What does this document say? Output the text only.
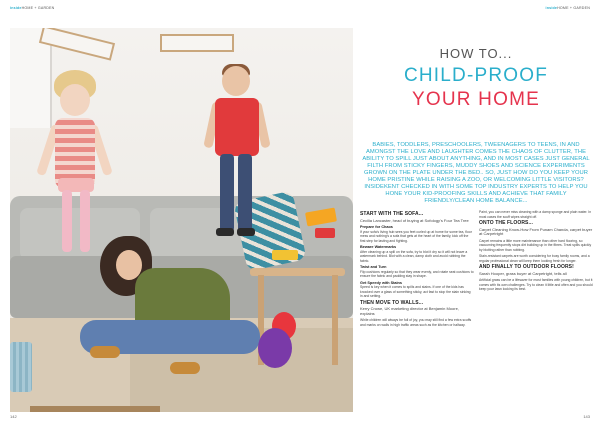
insideHOME + GARDEN	insideHOME + GARDEN
HOW TO...
CHILD-PROOF
YOUR HOME
BABIES, TODDLERS, PRESCHOOLERS, TWEENAGERS TO TEENS, IN AND AMONGST THE LOVE AND LAUGHTER COMES THE CHAOS OF CLUTTER, THE ABILITY TO SPILL JUST ABOUT ANYTHING, AND IN MOST CASES JUST GENERAL FILTH FROM STICKY FINGERS, MUDDY SHOES AND SCIENCE EXPERIMENTS GROWN ON THE PLATE UNDER THE BED.. SO, JUST HOW DO YOU KEEP YOUR HOME PRISTINE WHILE RAISING A ZOO, OR WELCOMING LITTLE VISITORS? INSIDEKENT CHECKED IN WITH SOME TOP INDUSTRY EXPERTS TO HELP YOU HONE YOUR KID-PROOFING SKILLS AND ACHIEVE THAT FAMILY FRIENDLY/CLEAN HOME BALANCE...
START WITH THE SOFA...
Cecilia Lancaster, head of buying at Sofology's Four Tea Tree
Prepare for Chaos
If your sofa's living hub sees you feet curled up at home for some tea, floor mess and nothing's a sofa that gets at the heart of the family, kick off the first step for lasting and fighting.
Beware Watermarks
After cleaning up a spill on the sofa, try to blot it dry so it will not leave a watermark behind. Blot with a clean, damp cloth and avoid rubbing the fabric.
Twist and Turn
Flip cushions regularly so that they wear evenly, and rotate seat cushions to ensure the fabric and padding stay in shape.
Get Speedy with Stains
Speed is key when it comes to spills and stains. If one of the kids has knocked over a glass of something sticky, act fast to stop the stain sinking in and setting.
THEN MOVE TO WALLS...
Kerry Crowe, UK marketing director at Benjamin Moore, explains
While children will always be full of joy, you may still find a few extra scuffs and marks on walls in high traffic areas such as the kitchen or hallway.
Paint, you can never miss cleaning with a damp sponge and plain water. In most cases the scuff wipes straight off.
ONTO THE FLOORS...
Carpet Cleaning Know-How From Punam Chanda, carpet buyer at Carpetright
Carpet remains a little more maintenance than other hard flooring, so vacuuming frequently stops dirt building up in the fibres. Treat spills quickly by blotting rather than rubbing.
Stain-resistant carpets are worth considering for busy family rooms, and a regular professional clean will keep them looking fresh for longer.
AND FINALLY TO OUTDOOR FLOORS!
Sarah Hooper, grass buyer at Carpetright, tells all
Artificial grass can be a lifesaver for most families with young children, but it comes with its own challenges. Try to clean it little and often and you should keep your lawn looking its best.
142	143
